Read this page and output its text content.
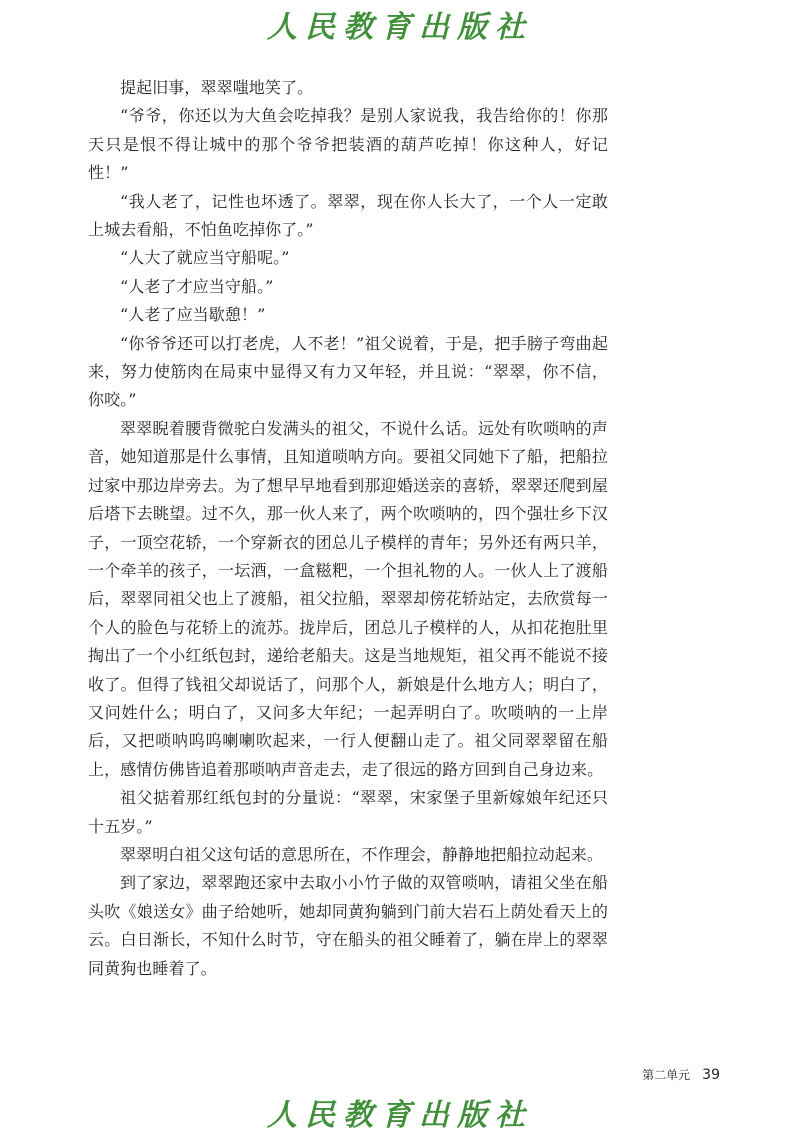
人民教育出版社

提起旧事，翠翠嗤地笑了。

“爷爷，你还以为大鱼会吃掉我？是别人家说我，我告给你的！你那天只是恨不得让城中的那个爷爷把装酒的葫芦吃掉！你这种人，好记性！”

“我人老了，记性也坏透了。翠翠，现在你人长大了，一个人一定敢上城去看船，不怕鱼吃掉你了。”

“人大了就应当守船呢。”

“人老了才应当守船。”

“人老了应当歇憩！”

“你爷爷还可以打老虎，人不老！”祖父说着，于是，把手膀子弯曲起来，努力使筋肉在局束中显得又有力又年轻，并且说：“翠翠，你不信，你咬。”

翠翠睨着腰背微驼白发满头的祖父，不说什么话。远处有吹唢呐的声音，她知道那是什么事情，且知道唢呐方向。要祖父同她下了船，把船拉过家中那边岸旁去。为了想早早地看到那迎婚送亲的喜轿，翠翠还爬到屋后塔下去眺望。过不久，那一伙人来了，两个吹唢呐的，四个强壮乡下汉子，一顶空花轿，一个穿新衣的团总儿子模样的青年；另外还有两只羊，一个牵羊的孩子，一坛酒，一盒糍粑，一个担礼物的人。一伙人上了渡船后，翠翠同祖父也上了渡船，祖父拉船，翠翠却傍花轿站定，去欣赏每一个人的脸色与花轿上的流苏。拢岸后，团总儿子模样的人，从扣花抱肚里掏出了一个小红纸包封，递给老船夫。这是当地规矩，祖父再不能说不接收了。但得了钱祖父却说话了，问那个人，新娘是什么地方人；明白了，又问姓什么；明白了，又问多大年纪；一起弄明白了。吹唢呐的一上岸后，又把唢呐呜呜喇喇吹起来，一行人便翻山走了。祖父同翠翠留在船上，感情仿佛皆追着那唢呐声音走去，走了很远的路方回到自己身边来。

祖父掂着那红纸包封的分量说：“翠翠，宋家堡子里新嫁娘年纪还只十五岁。”

翠翠明白祖父这句话的意思所在，不作理会，静静地把船拉动起来。

到了家边，翠翠跑还家中去取小小竹子做的双管唢呐，请祖父坐在船头吹《娘送女》曲子给她听，她却同黄狗躺到门前大岩石上荫处看天上的云。白日渐长，不知什么时节，守在船头的祖父睡着了，躺在岸上的翠翠同黄狗也睡着了。

第二单元 39
人民教育出版社
